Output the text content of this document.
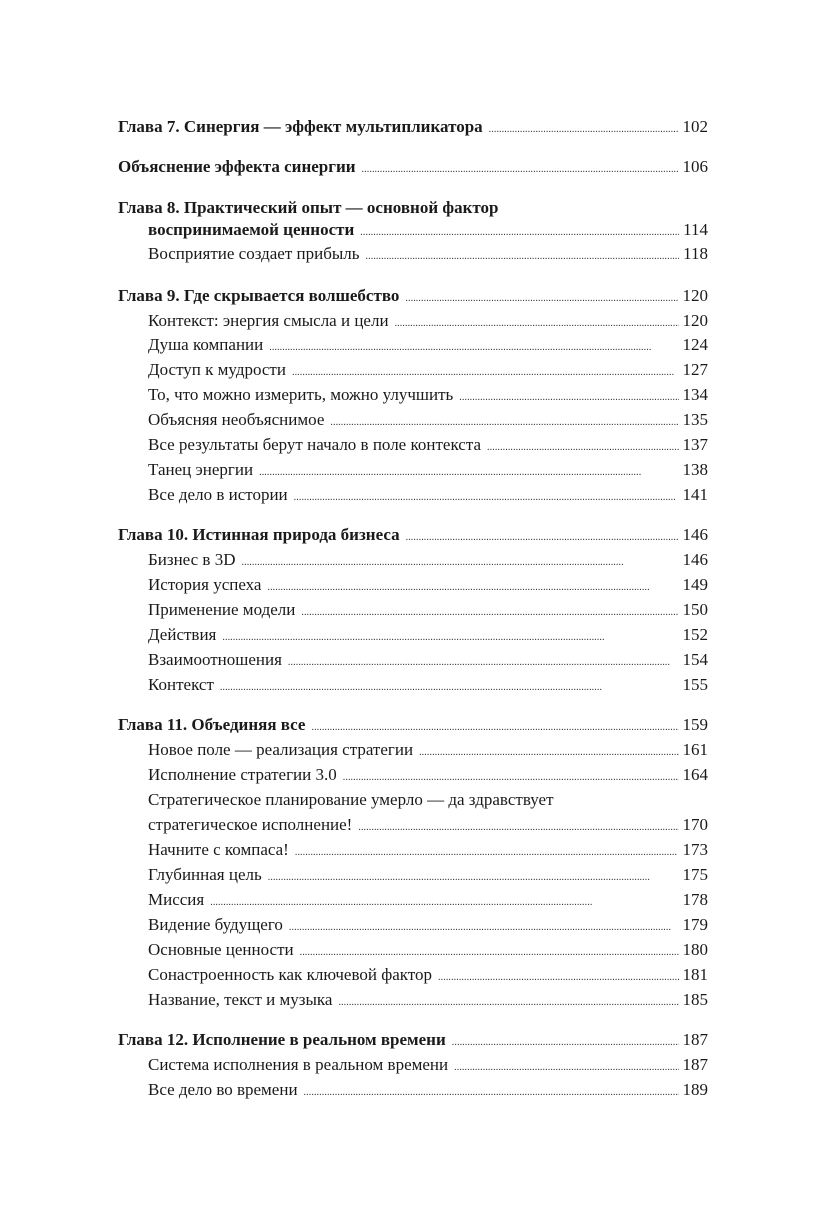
Глава 7. Синергия — эффект мультипликатора . . .	102
Объяснение эффекта синергии . . .	106
Глава 8. Практический опыт — основной фактор
воспринимаемой ценности . . .	114
Восприятие создает прибыль . . .	118
Глава 9. Где скрывается волшебство . . .	120
Контекст: энергия смысла и цели . . .	120
Душа компании . . .	124
Доступ к мудрости . . .	127
То, что можно измерить, можно улучшить . . .	134
Объясняя необъяснимое . . .	135
Все результаты берут начало в поле контекста . . .	137
Танец энергии . . .	138
Все дело в истории . . .	141
Глава 10. Истинная природа бизнеса . . .	146
Бизнес в 3D . . .	146
История успеха . . .	149
Применение модели . . .	150
Действия . . .	152
Взаимоотношения . . .	154
Контекст . . .	155
Глава 11. Объединяя все . . .	159
Новое поле — реализация стратегии . . .	161
Исполнение стратегии 3.0 . . .	164
Стратегическое планирование умерло — да здравствует
стратегическое исполнение! . . .	170
Начните с компаса! . . .	173
Глубинная цель . . .	175
Миссия . . .	178
Видение будущего . . .	179
Основные ценности . . .	180
Сонастроенность как ключевой фактор . . .	181
Название, текст и музыка . . .	185
Глава 12. Исполнение в реальном времени . . .	187
Система исполнения в реальном времени . . .	187
Все дело во времени . . .	189
